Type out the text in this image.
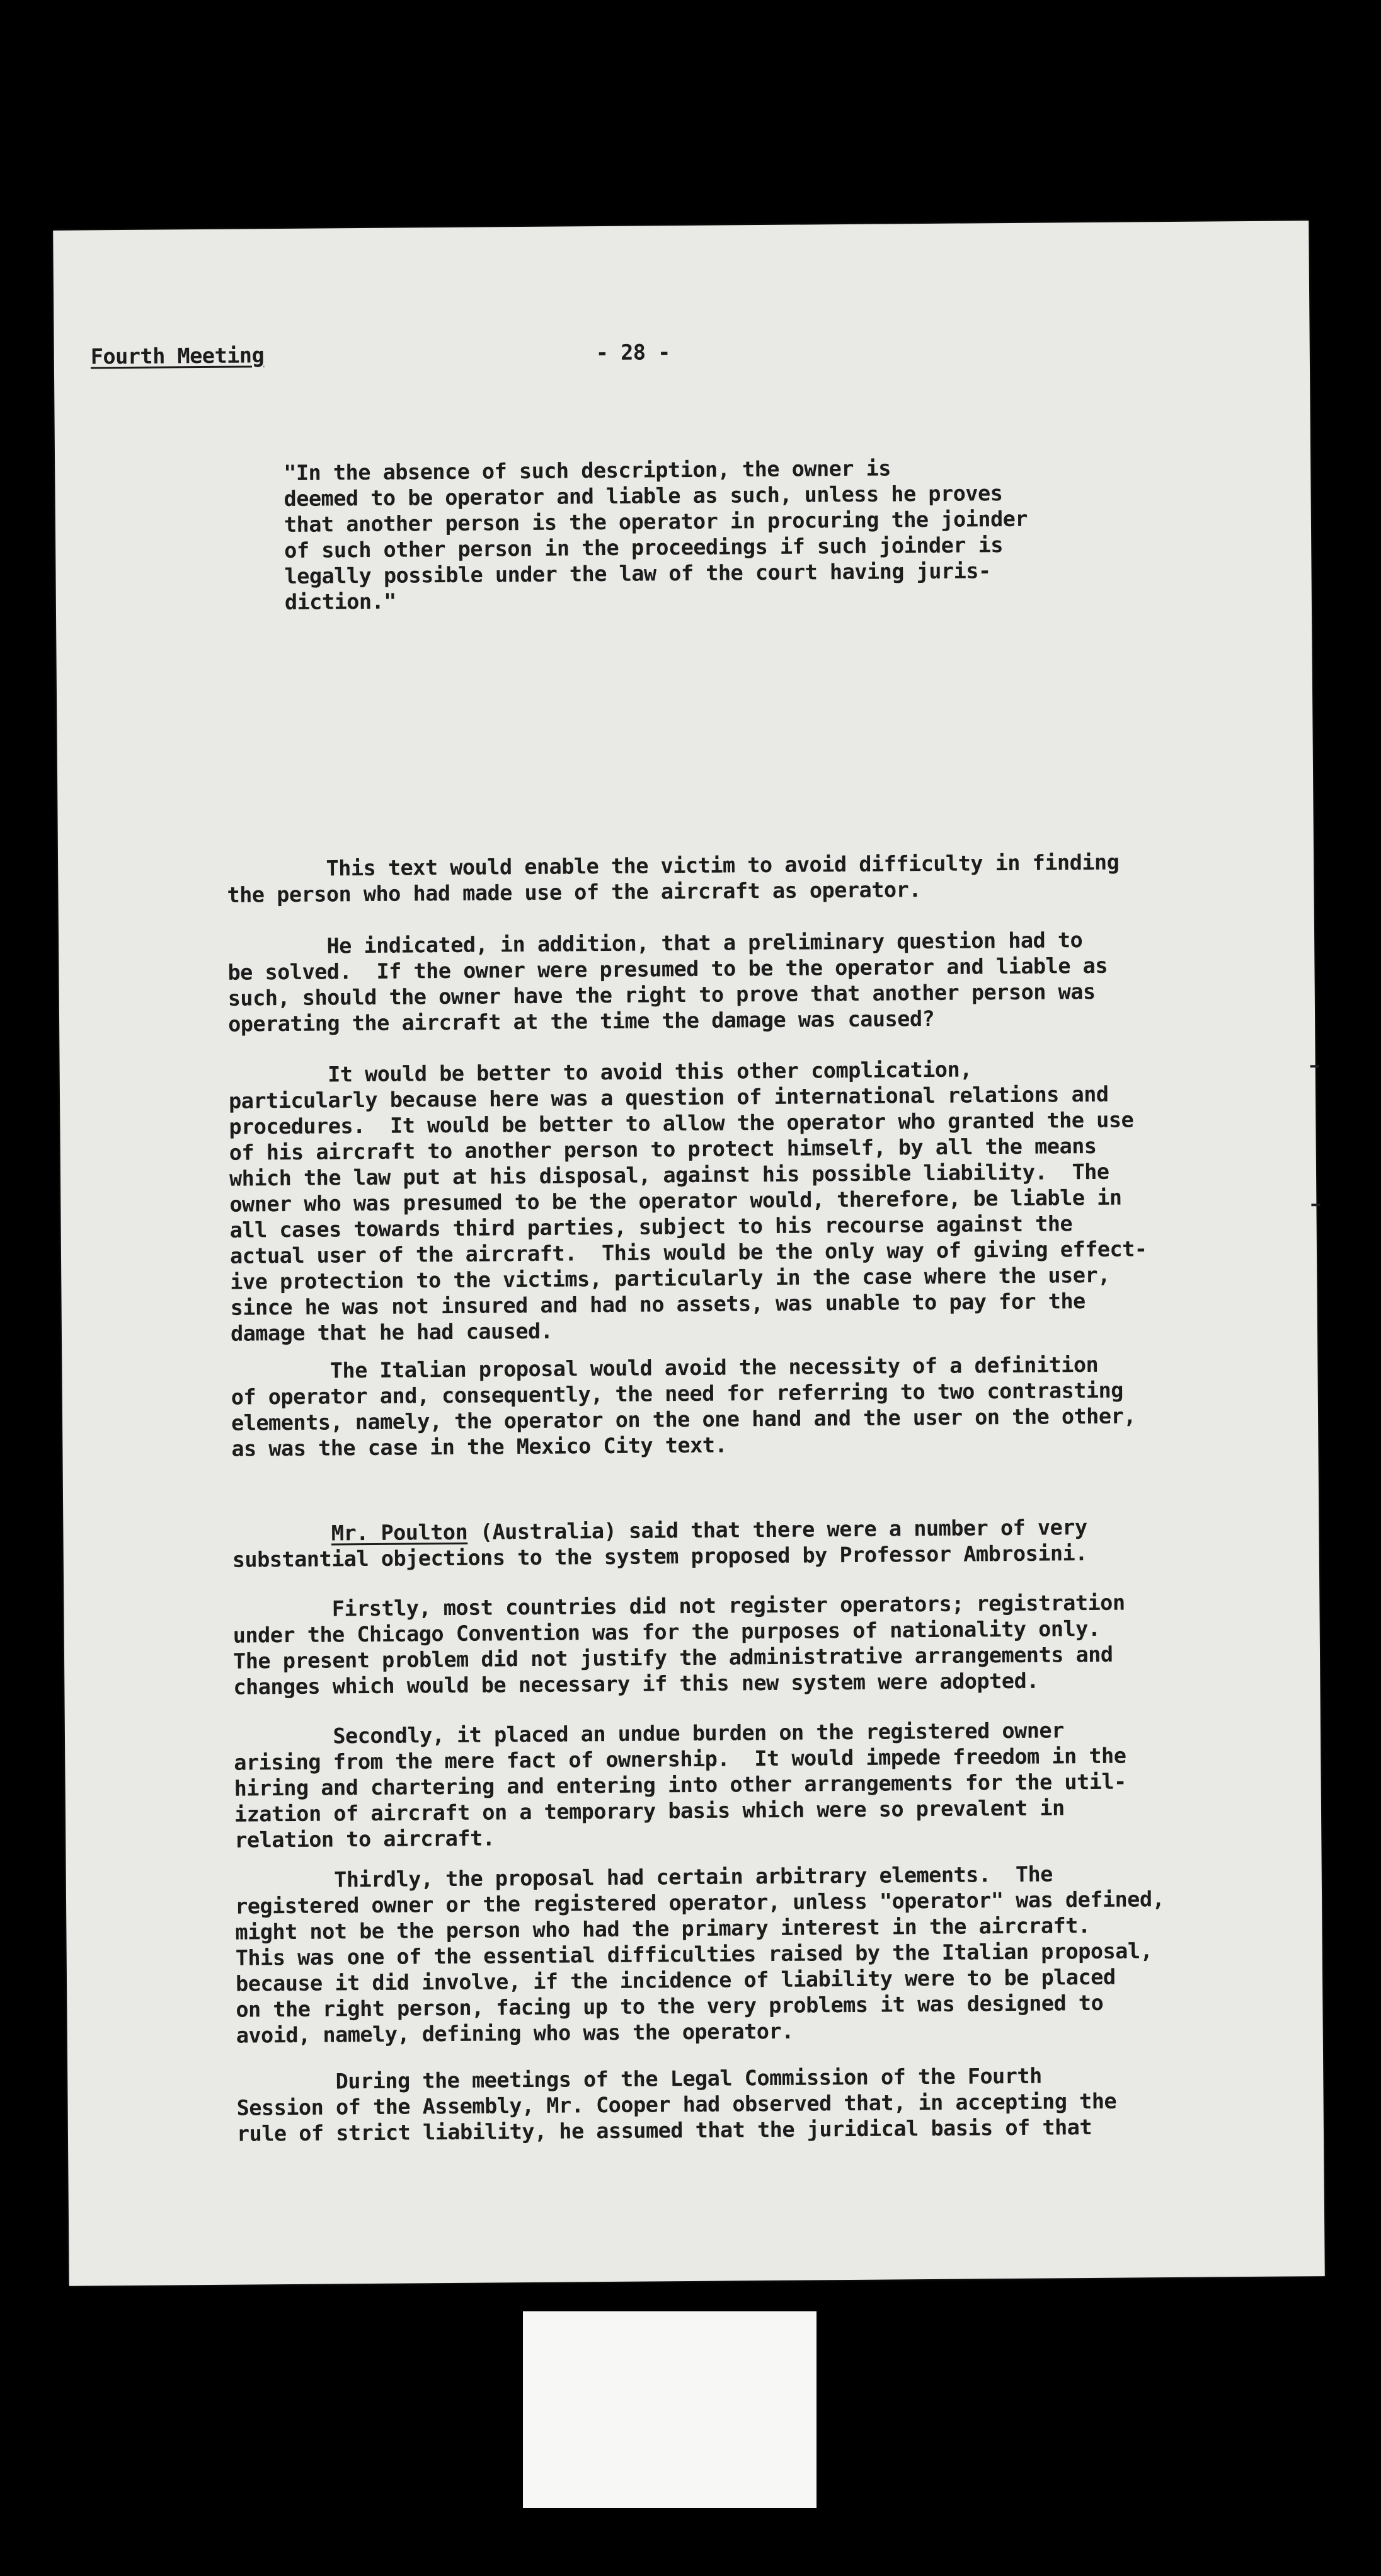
Fourth Meeting	- 28 -
"In the absence of such description, the owner is
deemed to be operator and liable as such, unless he proves
that another person is the operator in procuring the joinder
of such other person in the proceedings if such joinder is
legally possible under the law of the court having juris-
diction."
This text would enable the victim to avoid difficulty in finding
the person who had made use of the aircraft as operator.
He indicated, in addition, that a preliminary question had to
be solved.  If the owner were presumed to be the operator and liable as
such, should the owner have the right to prove that another person was
operating the aircraft at the time the damage was caused?
It would be better to avoid this other complication,
particularly because here was a question of international relations and
procedures.  It would be better to allow the operator who granted the use
of his aircraft to another person to protect himself, by all the means
which the law put at his disposal, against his possible liability.  The
owner who was presumed to be the operator would, therefore, be liable in
all cases towards third parties, subject to his recourse against the
actual user of the aircraft.  This would be the only way of giving effect-
ive protection to the victims, particularly in the case where the user,
since he was not insured and had no assets, was unable to pay for the
damage that he had caused.
The Italian proposal would avoid the necessity of a definition
of operator and, consequently, the need for referring to two contrasting
elements, namely, the operator on the one hand and the user on the other,
as was the case in the Mexico City text.
Mr. Poulton (Australia) said that there were a number of very
substantial objections to the system proposed by Professor Ambrosini.
Firstly, most countries did not register operators; registration
under the Chicago Convention was for the purposes of nationality only.
The present problem did not justify the administrative arrangements and
changes which would be necessary if this new system were adopted.
Secondly, it placed an undue burden on the registered owner
arising from the mere fact of ownership.  It would impede freedom in the
hiring and chartering and entering into other arrangements for the util-
ization of aircraft on a temporary basis which were so prevalent in
relation to aircraft.
Thirdly, the proposal had certain arbitrary elements.  The
registered owner or the registered operator, unless "operator" was defined,
might not be the person who had the primary interest in the aircraft.
This was one of the essential difficulties raised by the Italian proposal,
because it did involve, if the incidence of liability were to be placed
on the right person, facing up to the very problems it was designed to
avoid, namely, defining who was the operator.
During the meetings of the Legal Commission of the Fourth
Session of the Assembly, Mr. Cooper had observed that, in accepting the
rule of strict liability, he assumed that the juridical basis of that
